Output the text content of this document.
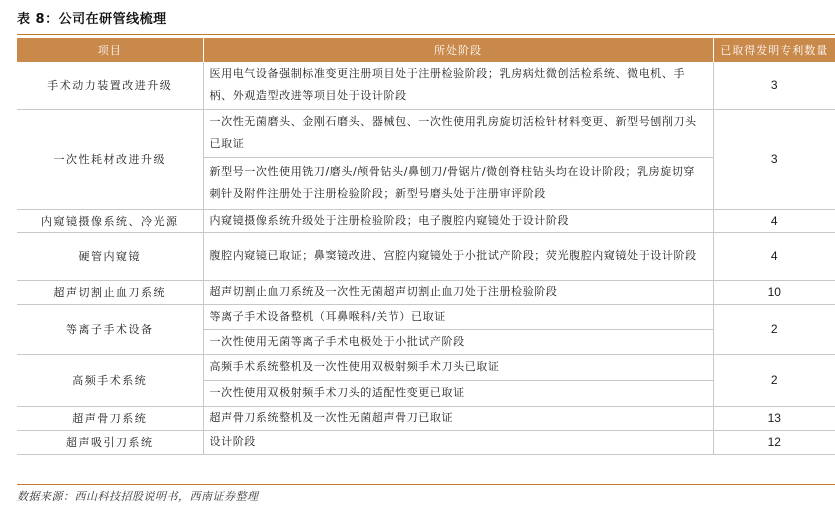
表 8：公司在研管线梳理
项目	所处阶段	已取得发明专利数量
手术动力装置改进升级	医用电气设备强制标准变更注册项目处于注册检验阶段；乳房病灶微创活检系统、微电机、手柄、外观造型改进等项目处于设计阶段	3
一次性耗材改进升级	一次性无菌磨头、金刚石磨头、器械包、一次性使用乳房旋切活检针材料变更、新型号刨削刀头已取证	3
	新型号一次性使用铣刀/磨头/颅骨钻头/鼻刨刀/骨锯片/微创脊柱钻头均在设计阶段；乳房旋切穿刺针及附件注册处于注册检验阶段；新型号磨头处于注册审评阶段	
内窥镜摄像系统、冷光源	内窥镜摄像系统升级处于注册检验阶段；电子腹腔内窥镜处于设计阶段	4
硬管内窥镜	腹腔内窥镜已取证；鼻窦镜改进、宫腔内窥镜处于小批试产阶段；荧光腹腔内窥镜处于设计阶段	4
超声切割止血刀系统	超声切割止血刀系统及一次性无菌超声切割止血刀处于注册检验阶段	10
等离子手术设备	等离子手术设备整机（耳鼻喉科/关节）已取证	2
	一次性使用无菌等离子手术电极处于小批试产阶段	
高频手术系统	高频手术系统整机及一次性使用双极射频手术刀头已取证	2
	一次性使用双极射频手术刀头的适配性变更已取证	
超声骨刀系统	超声骨刀系统整机及一次性无菌超声骨刀已取证	13
超声吸引刀系统	设计阶段	12
数据来源：西山科技招股说明书，西南证券整理
